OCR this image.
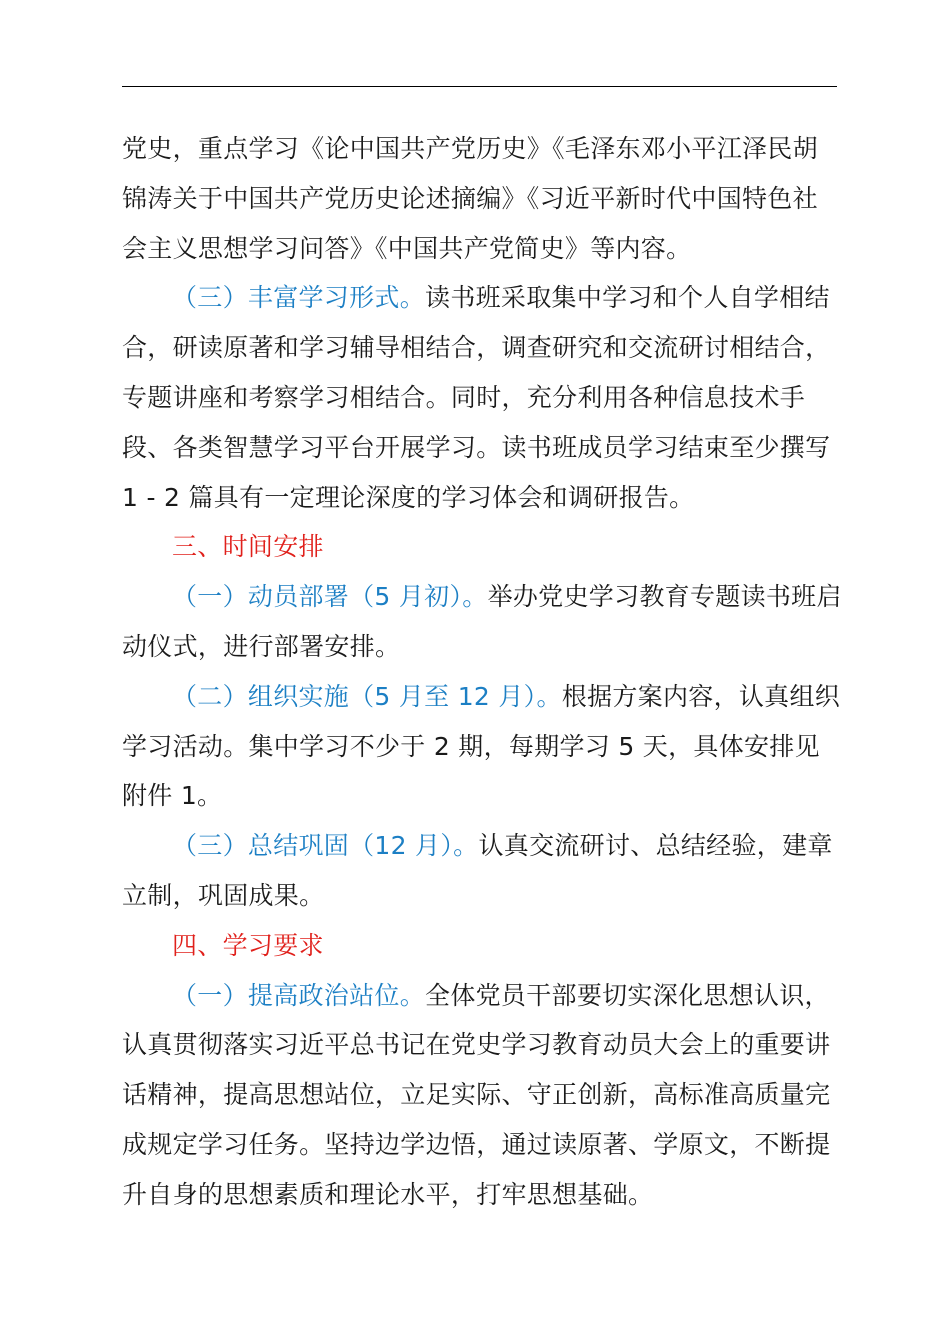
党史，重点学习《论中国共产党历史》《毛泽东邓小平江泽民胡锦涛关于中国共产党历史论述摘编》《习近平新时代中国特色社会主义思想学习问答》《中国共产党简史》等内容。

（三）丰富学习形式。读书班采取集中学习和个人自学相结合，研读原著和学习辅导相结合，调查研究和交流研讨相结合，专题讲座和考察学习相结合。同时，充分利用各种信息技术手段、各类智慧学习平台开展学习。读书班成员学习结束至少撰写 1 - 2 篇具有一定理论深度的学习体会和调研报告。

三、时间安排

（一）动员部署（5 月初）。举办党史学习教育专题读书班启动仪式，进行部署安排。

（二）组织实施（5 月至 12 月）。根据方案内容，认真组织学习活动。集中学习不少于 2 期，每期学习 5 天，具体安排见附件 1。

（三）总结巩固（12 月）。认真交流研讨、总结经验，建章立制，巩固成果。

四、学习要求

（一）提高政治站位。全体党员干部要切实深化思想认识，认真贯彻落实习近平总书记在党史学习教育动员大会上的重要讲话精神，提高思想站位，立足实际、守正创新，高标准高质量完成规定学习任务。坚持边学边悟，通过读原著、学原文，不断提升自身的思想素质和理论水平，打牢思想基础。
